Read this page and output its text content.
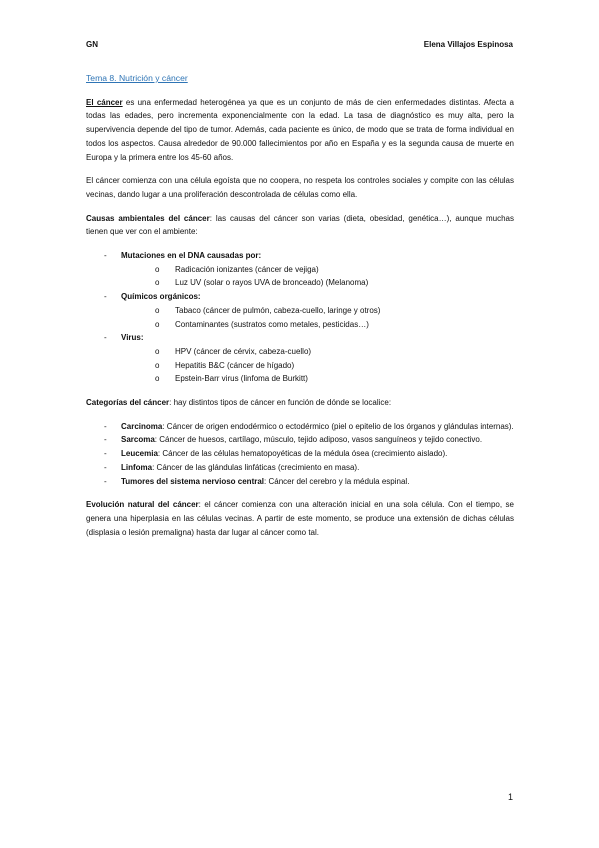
GN	Elena Villajos Espinosa
Tema 8. Nutrición y cáncer

El cáncer es una enfermedad heterogénea ya que es un conjunto de más de cien enfermedades distintas. Afecta a todas las edades, pero incrementa exponencialmente con la edad. La tasa de diagnóstico es muy alta, pero la supervivencia depende del tipo de tumor. Además, cada paciente es único, de modo que se trata de forma individual en todos los aspectos. Causa alrededor de 90.000 fallecimientos por año en España y es la segunda causa de muerte en Europa y la primera entre los 45-60 años.

El cáncer comienza con una célula egoísta que no coopera, no respeta los controles sociales y compite con las células vecinas, dando lugar a una proliferación descontrolada de células como ella.

Causas ambientales del cáncer: las causas del cáncer son varias (dieta, obesidad, genética…), aunque muchas tienen que ver con el ambiente:

- Mutaciones en el DNA causadas por:
o Radicación ionizantes (cáncer de vejiga)
o Luz UV (solar o rayos UVA de bronceado) (Melanoma)
- Químicos orgánicos:
o Tabaco (cáncer de pulmón, cabeza-cuello, laringe y otros)
o Contaminantes (sustratos como metales, pesticidas…)
- Virus:
o HPV (cáncer de cérvix, cabeza-cuello)
o Hepatitis B&C (cáncer de hígado)
o Epstein-Barr virus (linfoma de Burkitt)

Categorías del cáncer: hay distintos tipos de cáncer en función de dónde se localice:

- Carcinoma: Cáncer de origen endodérmico o ectodérmico (piel o epitelio de los órganos y glándulas internas).
- Sarcoma: Cáncer de huesos, cartílago, músculo, tejido adiposo, vasos sanguíneos y tejido conectivo.
- Leucemia: Cáncer de las células hematopoyéticas de la médula ósea (crecimiento aislado).
- Linfoma: Cáncer de las glándulas linfáticas (crecimiento en masa).
- Tumores del sistema nervioso central: Cáncer del cerebro y la médula espinal.

Evolución natural del cáncer: el cáncer comienza con una alteración inicial en una sola célula. Con el tiempo, se genera una hiperplasia en las células vecinas. A partir de este momento, se produce una extensión de dichas células (displasia o lesión premaligna) hasta dar lugar al cáncer como tal.

1
